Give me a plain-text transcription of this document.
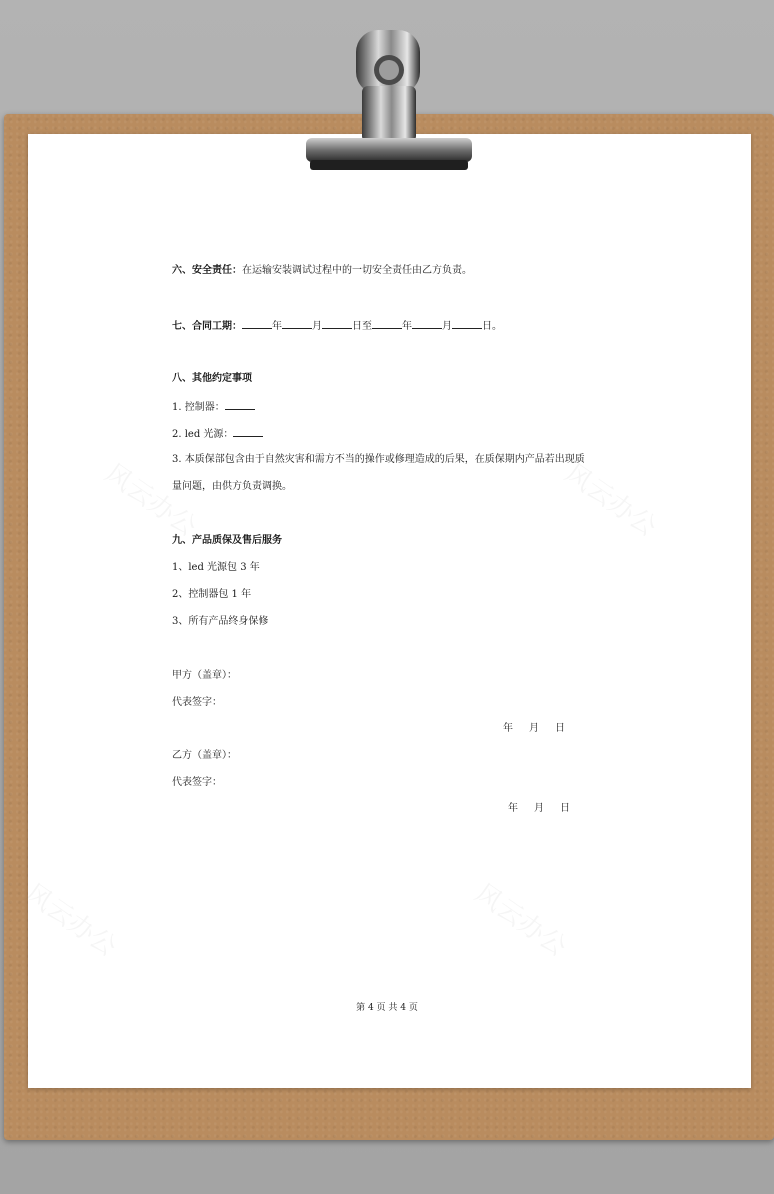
风云办公	风云办公
风云办公	风云办公
六、安全责任：在运输安装调试过程中的一切安全责任由乙方负责。
七、合同工期：	年	月	日至	年	月	日。
八、其他约定事项
1. 控制器：
2. led 光源：
3. 本质保部包含由于自然灾害和需方不当的操作或修理造成的后果，在质保期内产品若出现质
量问题，由供方负责调换。
九、产品质保及售后服务
1、led 光源包 3 年
2、控制器包 1 年
3、所有产品终身保修
甲方（盖章）：
代表签字：
年 月 日
乙方（盖章）：
代表签字：
年 月 日
第 4 页 共 4 页
